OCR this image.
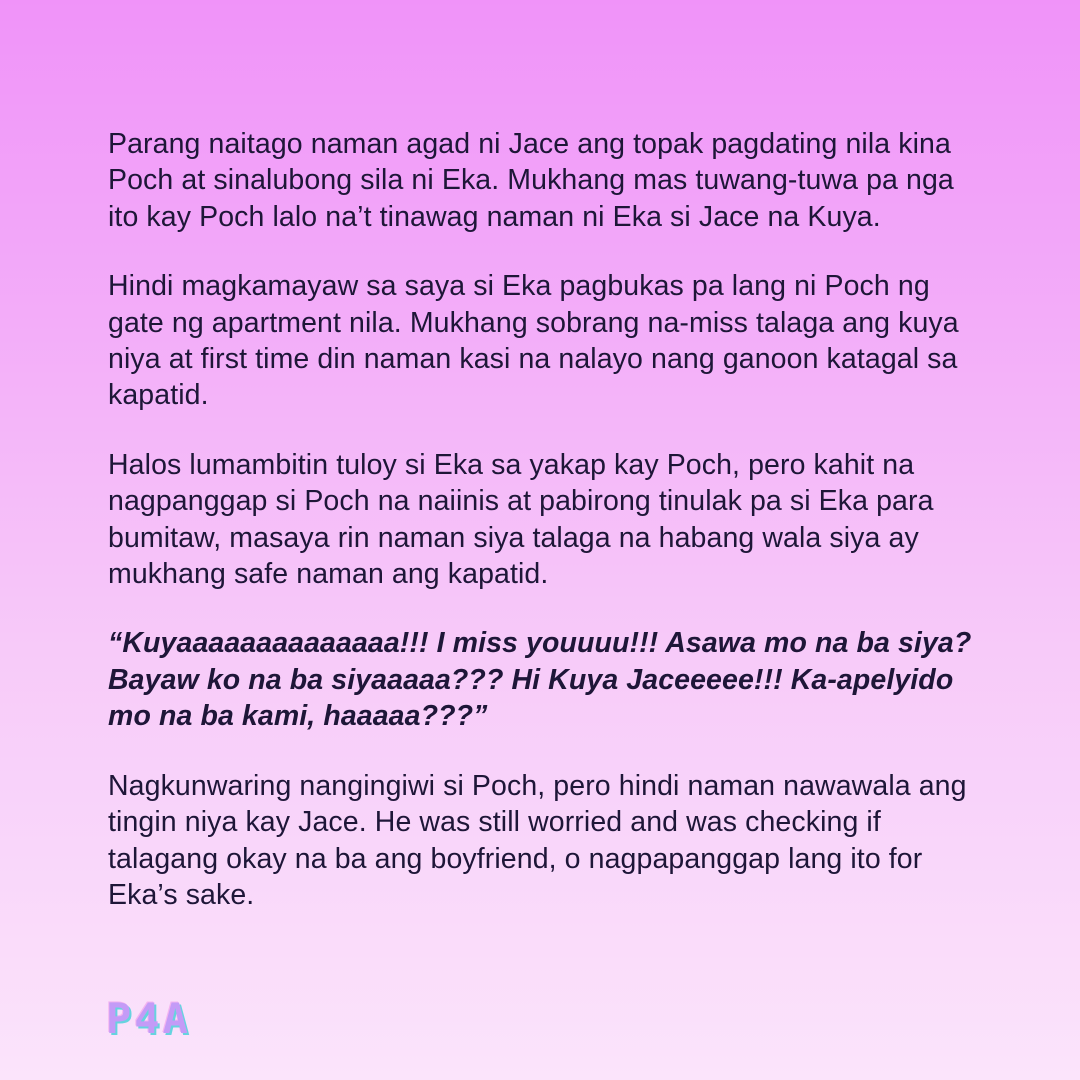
Parang naitago naman agad ni Jace ang topak pagdating nila kina Poch at sinalubong sila ni Eka. Mukhang mas tuwang-tuwa pa nga ito kay Poch lalo na’t tinawag naman ni Eka si Jace na Kuya.

Hindi magkamayaw sa saya si Eka pagbukas pa lang ni Poch ng gate ng apartment nila. Mukhang sobrang na-miss talaga ang kuya niya at first time din naman kasi na nalayo nang ganoon katagal sa kapatid.

Halos lumambitin tuloy si Eka sa yakap kay Poch, pero kahit na nagpanggap si Poch na naiinis at pabirong tinulak pa si Eka para bumitaw, masaya rin naman siya talaga na habang wala siya ay mukhang safe naman ang kapatid.

“Kuyaaaaaaaaaaaaaa!!! I miss youuuu!!! Asawa mo na ba siya? Bayaw ko na ba siyaaaaa??? Hi Kuya Jaceeeee!!! Ka-apelyido mo na ba kami, haaaaa???”

Nagkunwaring nangingiwi si Poch, pero hindi naman nawawala ang tingin niya kay Jace. He was still worried and was checking if talagang okay na ba ang boyfriend, o nagpapanggap lang ito for Eka’s sake.

P4A
